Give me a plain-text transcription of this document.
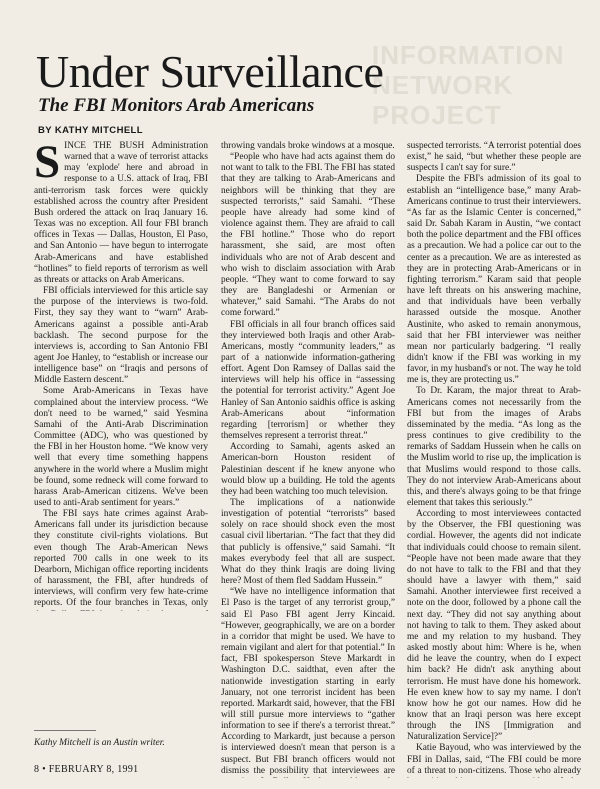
INFORMATION NETWORK PROJECT
Under Surveillance
The FBI Monitors Arab Americans
BY KATHY MITCHELL

SINCE THE BUSH Administration warned that a wave of terrorist attacks may 'explode' here and abroad in response to a U.S. attack of Iraq, FBI anti-terrorism task forces were quickly established across the country after President Bush ordered the attack on Iraq January 16. Texas was no exception. All four FBI branch offices in Texas — Dallas, Houston, El Paso, and San Antonio — have begun to interrogate Arab-Americans and have established “hotlines” to field reports of terrorism as well as threats or attacks on Arab Americans.

FBI officials interviewed for this article say the purpose of the interviews is two-fold. First, they say they want to “warn” Arab-Americans against a possible anti-Arab backlash. The second purpose for the interviews is, according to San Antonio FBI agent Joe Hanley, to “establish or increase our intelligence base” on “Iraqis and persons of Middle Eastern descent.”

Some Arab-Americans in Texas have complained about the interview process. “We don't need to be warned,” said Yesmina Samahi of the Anti-Arab Discrimination Committee (ADC), who was questioned by the FBI in her Houston home. “We know very well that every time something happens anywhere in the world where a Muslim might be found, some redneck will come forward to harass Arab-American citizens. We've been used to anti-Arab sentiment for years.”

The FBI says hate crimes against Arab-Americans fall under its jurisdiction because they constitute civil-rights violations. But even though The Arab-American News reported 700 calls in one week to its Dearborn, Michigan office reporting incidents of harassment, the FBI, after hundreds of interviews, will confirm very few hate-crime reports. Of the four branches in Texas, only

throwing vandals broke windows at a mosque.

“People who have had acts against them do not want to talk to the FBI. The FBI has stated that they are talking to Arab-Americans and neighbors will be thinking that they are suspected terrorists,” said Samahi. “These people have already had some kind of violence against them. They are afraid to call the FBI hotline.” Those who do report harassment, she said, are most often individuals who are not of Arab descent and who wish to disclaim association with Arab people. “They want to come forward to say they are Bangladeshi or Armenian or whatever,” said Samahi. “The Arabs do not come forward.”

FBI officials in all four branch offices said they interviewed both Iraqis and other Arab-Americans, mostly “community leaders,” as part of a nationwide information-gathering effort. Agent Don Ramsey of Dallas said the interviews will help his office in “assessing the potential for terrorist activity.” Agent Joe Hanley of San Antonio saidhis office is asking Arab-Americans about “information regarding [terrorism] or whether they themselves represent a terrorist threat.”

According to Samahi, agents asked an American-born Houston resident of Palestinian descent if he knew anyone who would blow up a building. He told the agents they had been watching too much television.

The implications of a nationwide investigation of potential “terrorists” based solely on race should shock even the most casual civil libertarian. “The fact that they did that publicly is offensive,” said Samahi. “It makes everybody feel that all are suspect. What do they think Iraqis are doing living here? Most of them fled Saddam Hussein.”

“We have no intelligence information that El Paso is the target of any terrorist group,” said El Paso FBI agent Jerry Kincaid. “However, geographically, we are on a border in a corridor that might be used. We have to remain vigilant and alert for that potential.” In fact, FBI spokesperson Steve Markardt in Washington D.C. saidthat, even after the nationwide investigation starting in early January, not one terrorist incident has been reported. Markardt said, however, that the FBI will still pursue more interviews to “gather information to see if there's a terrorist threat.” According to Markardt, just because a person is interviewed doesn't mean that person is a suspect. But FBI branch officers would not dismiss the possibility that interviewees are

suspected terrorists. “A terrorist potential does exist,” he said, “but whether these people are suspects I can't say for sure.”

Despite the FBI's admission of its goal to establish an “intelligence base,” many Arab-Americans continue to trust their interviewers. “As far as the Islamic Center is concerned,” said Dr. Sabah Karam in Austin, “we contact both the police department and the FBI offices as a precaution. We had a police car out to the center as a precaution. We are as interested as they are in protecting Arab-Americans or in fighting terrorism.” Karam said that people have left threats on his answering machine, and that individuals have been verbally harassed outside the mosque. Another Austinite, who asked to remain anonymous, said that her FBI interviewer was neither mean nor particularly badgering. “I really didn't know if the FBI was working in my favor, in my husband's or not. The way he told me is, they are protecting us.”

To Dr. Karam, the major threat to Arab-Americans comes not necessarily from the FBI but from the images of Arabs disseminated by the media. “As long as the press continues to give credibility to the remarks of Saddam Hussein when he calls on the Muslim world to rise up, the implication is that Muslims would respond to those calls. They do not interview Arab-Americans about this, and there's always going to be that fringe element that takes this seriously.”

According to most interviewees contacted by the Observer, the FBI questioning was cordial. However, the agents did not indicate that individuals could choose to remain silent. “People have not been made aware that they do not have to talk to the FBI and that they should have a lawyer with them,” said Samahi. Another interviewee first received a note on the door, followed by a phone call the next day. “They did not say anything about not having to talk to them. They asked about me and my relation to my husband. They asked mostly about him: Where is he, when did he leave the country, when do I expect him back? He didn't ask anything about terrorism. He must have done his homework. He even knew how to say my name. I don't know how he got our names. How did he know that an Iraqi person was here except through the INS [Immigration and Naturalization Service]?”

Katie Bayoud, who was interviewed by the FBI in Dallas, said, “The FBI could be more of a threat to non-citizens. Those who already

Kathy Mitchell is an Austin writer.
8 • FEBRUARY 8, 1991
